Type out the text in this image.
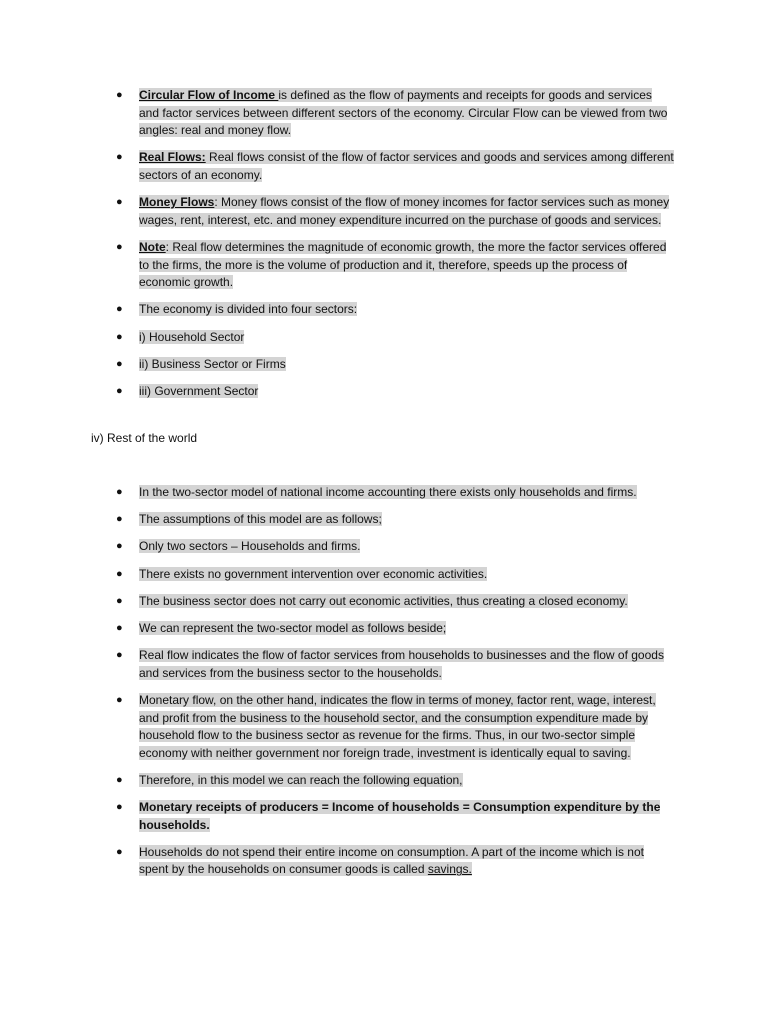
● Circular Flow of Income is defined as the flow of payments and receipts for goods and services and factor services between different sectors of the economy. Circular Flow can be viewed from two angles: real and money flow.
● Real Flows: Real flows consist of the flow of factor services and goods and services among different sectors of an economy.
● Money Flows: Money flows consist of the flow of money incomes for factor services such as money wages, rent, interest, etc. and money expenditure incurred on the purchase of goods and services.
● Note: Real flow determines the magnitude of economic growth, the more the factor services offered to the firms, the more is the volume of production and it, therefore, speeds up the process of economic growth.
● The economy is divided into four sectors:
● i) Household Sector
● ii) Business Sector or Firms
● iii) Government Sector
iv) Rest of the world
● In the two-sector model of national income accounting there exists only households and firms.
● The assumptions of this model are as follows;
● Only two sectors – Households and firms.
● There exists no government intervention over economic activities.
● The business sector does not carry out economic activities, thus creating a closed economy.
● We can represent the two-sector model as follows beside;
● Real flow indicates the flow of factor services from households to businesses and the flow of goods and services from the business sector to the households.
● Monetary flow, on the other hand, indicates the flow in terms of money, factor rent, wage, interest, and profit from the business to the household sector, and the consumption expenditure made by household flow to the business sector as revenue for the firms. Thus, in our two-sector simple economy with neither government nor foreign trade, investment is identically equal to saving.
● Therefore, in this model we can reach the following equation,
● Monetary receipts of producers = Income of households = Consumption expenditure by the households.
● Households do not spend their entire income on consumption. A part of the income which is not spent by the households on consumer goods is called savings.
